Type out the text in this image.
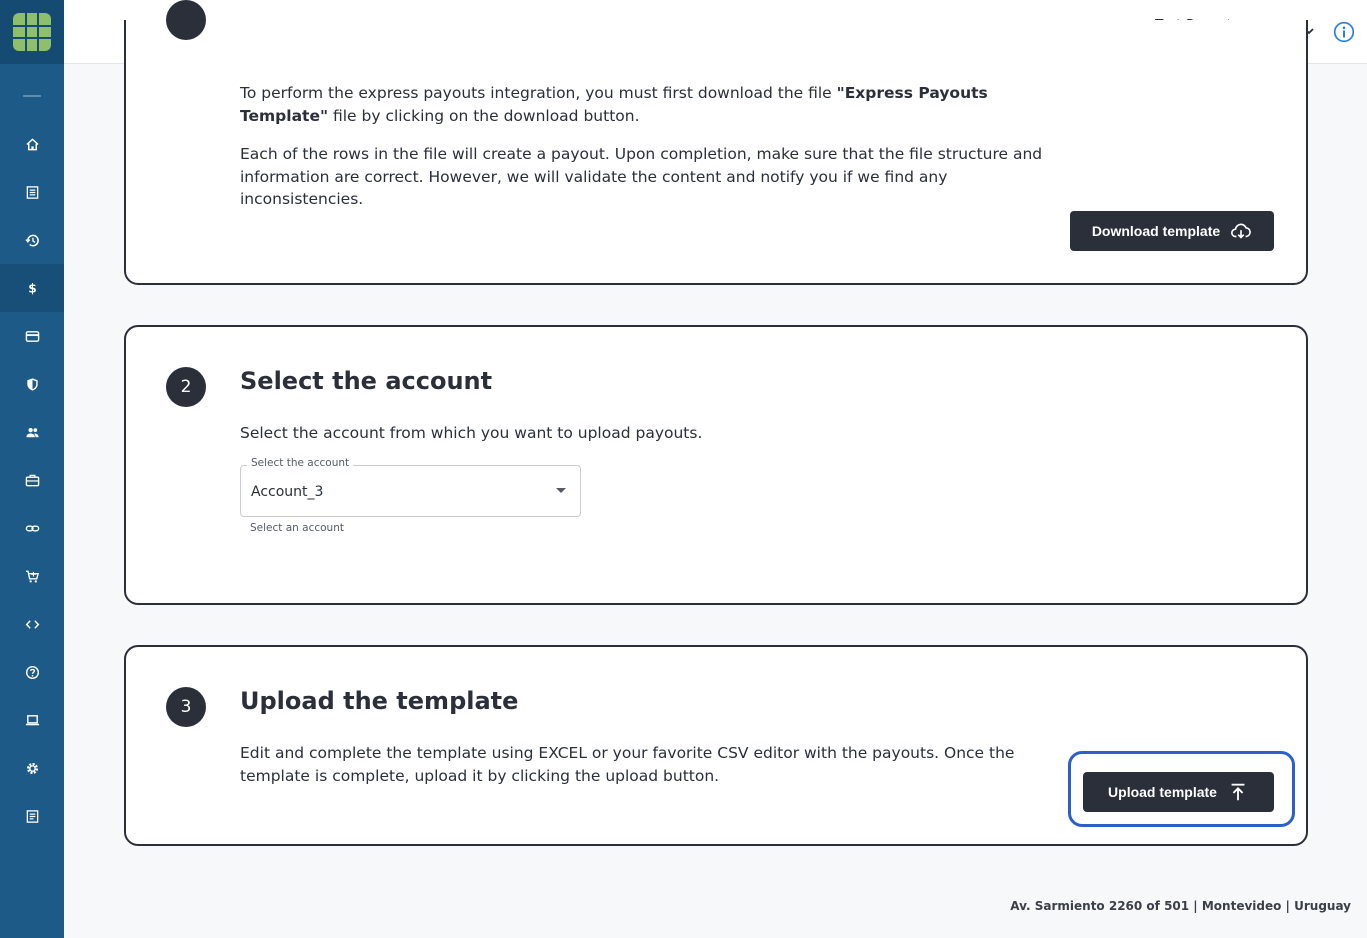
$

To perform the express payouts integration, you must first download the file "Express Payouts Template" file by clicking on the download button.

Each of the rows in the file will create a payout. Upon completion, make sure that the file structure and information are correct. However, we will validate the content and notify you if we find any inconsistencies.

Download template
2	Select the account

Select the account from which you want to upload payouts.

Select the account
Account_3
Select an account
3	Upload the template

Edit and complete the template using EXCEL or your favorite CSV editor with the payouts. Once the template is complete, upload it by clicking the upload button.

Upload template
Av. Sarmiento 2260 of 501 | Montevideo | Uruguay
